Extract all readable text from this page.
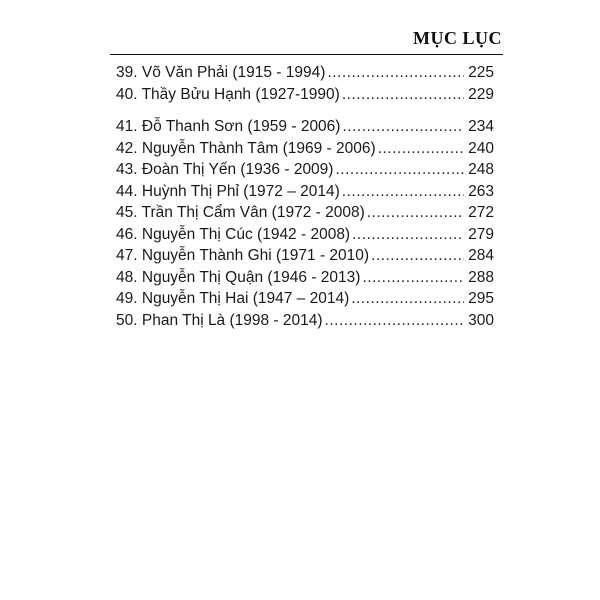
MỤC LỤC
39. Võ Văn Phải (1915 - 1994) .....	225
40. Thầy Bửu Hạnh (1927-1990) .....	229
41. Đỗ Thanh Sơn (1959 - 2006) .....	234
42. Nguyễn Thành Tâm (1969 - 2006) .....	240
43. Đoàn Thị Yến (1936 - 2009) .....	248
44. Huỳnh Thị Phỉ (1972 – 2014) .....	263
45. Trần Thị Cẩm Vân (1972 - 2008) .....	272
46. Nguyễn Thị Cúc (1942 - 2008) .....	279
47. Nguyễn Thành Ghi (1971 - 2010) .....	284
48. Nguyễn Thị Quận (1946 - 2013) .....	288
49. Nguyễn Thị Hai (1947 – 2014) .....	295
50. Phan Thị Là (1998 - 2014) .....	300
